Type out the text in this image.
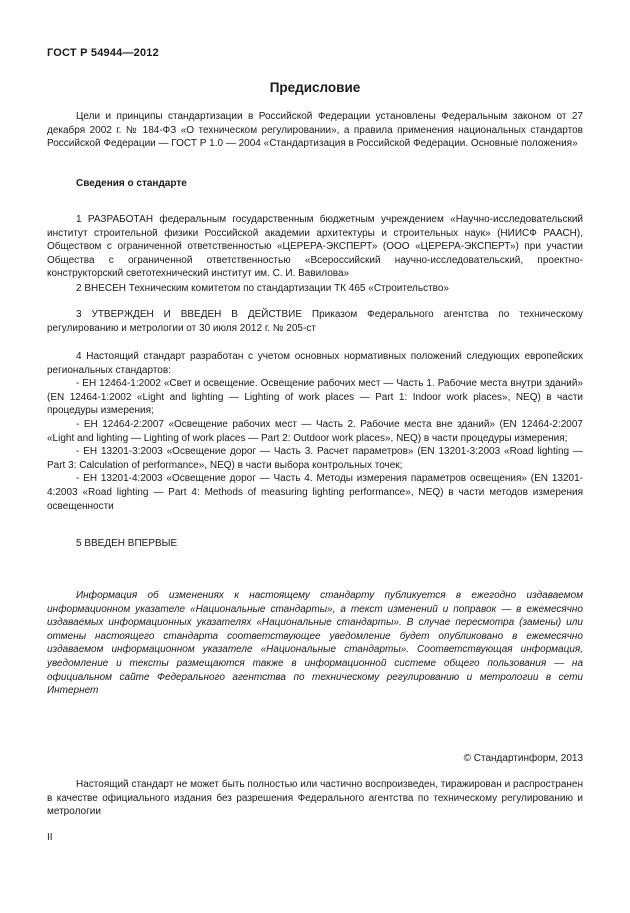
ГОСТ Р 54944—2012
Предисловие

Цели и принципы стандартизации в Российской Федерации установлены Федеральным законом от 27 декабря 2002 г. № 184-ФЗ «О техническом регулировании», а правила применения национальных стандартов Российской Федерации — ГОСТ Р 1.0 — 2004 «Стандартизация в Российской Федерации. Основные положения»

Сведения о стандарте

1 РАЗРАБОТАН федеральным государственным бюджетным учреждением «Научно-исследовательский институт строительной физики Российской академии архитектуры и строительных наук» (НИИСФ РААСН), Обществом с ограниченной ответственностью «ЦЕРЕРА-ЭКСПЕРТ» (ООО «ЦЕРЕРА-ЭКСПЕРТ») при участии Общества с ограниченной ответственностью «Всероссийский научно-исследовательский, проектно-конструкторский светотехнический институт им. С. И. Вавилова»

2 ВНЕСЕН Техническим комитетом по стандартизации ТК 465 «Строительство»

3 УТВЕРЖДЕН И ВВЕДЕН В ДЕЙСТВИЕ Приказом Федерального агентства по техническому регулированию и метрологии от 30 июля 2012 г. № 205-ст

4 Настоящий стандарт разработан с учетом основных нормативных положений следующих европейских региональных стандартов:

- ЕН 12464-1:2002 «Свет и освещение. Освещение рабочих мест — Часть 1. Рабочие места внутри зданий» (EN 12464-1:2002 «Light and lighting — Lighting of work places — Part 1: Indoor work places», NEQ) в части процедуры измерения;

- ЕН 12464-2:2007 «Освещение рабочих мест — Часть 2. Рабочие места вне зданий» (EN 12464-2:2007 «Light and lighting — Lighting of work places — Part 2: Outdoor work places», NEQ) в части процедуры измерения;

- ЕН 13201-3:2003 «Освещение дорог — Часть 3. Расчет параметров» (EN 13201-3:2003 «Road lighting — Part 3: Calculation of performance», NEQ) в части выбора контрольных точек;

- ЕН 13201-4:2003 «Освещение дорог — Часть 4. Методы измерения параметров освещения» (EN 13201-4:2003 «Road lighting — Part 4: Methods of measuring lighting performance», NEQ) в части методов измерения освещенности

5 ВВЕДЕН ВПЕРВЫЕ

Информация об изменениях к настоящему стандарту публикуется в ежегодно издаваемом информационном указателе «Национальные стандарты», а текст изменений и поправок — в ежемесячно издаваемых информационных указателях «Национальные стандарты». В случае пересмотра (замены) или отмены настоящего стандарта соответствующее уведомление будет опубликовано в ежемесячно издаваемом информационном указателе «Национальные стандарты». Соответствующая информация, уведомление и тексты размещаются также в информационной системе общего пользования — на официальном сайте Федерального агентства по техническому регулированию и метрологии в сети Интернет

© Стандартинформ, 2013

Настоящий стандарт не может быть полностью или частично воспроизведен, тиражирован и распространен в качестве официального издания без разрешения Федерального агентства по техническому регулированию и метрологии

II
